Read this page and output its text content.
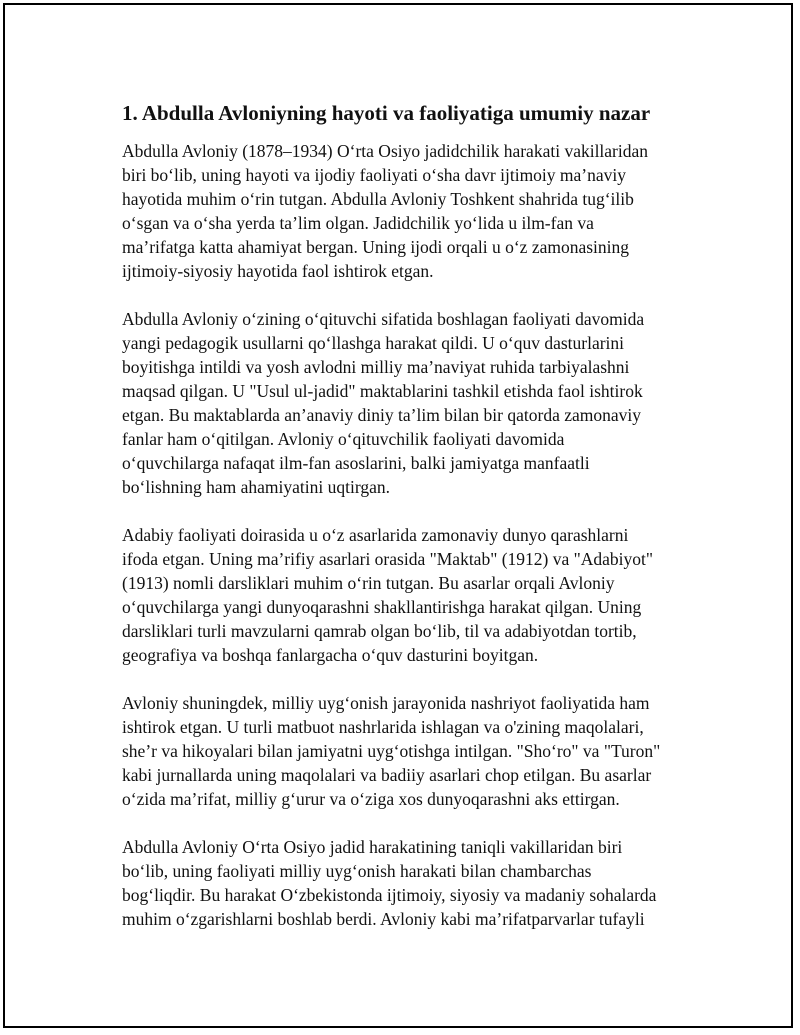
1. Abdulla Avloniyning hayoti va faoliyatiga umumiy nazar

Abdulla Avloniy (1878–1934) O‘rta Osiyo jadidchilik harakati vakillaridan
biri bo‘lib, uning hayoti va ijodiy faoliyati o‘sha davr ijtimoiy ma’naviy
hayotida muhim o‘rin tutgan. Abdulla Avloniy Toshkent shahrida tug‘ilib
o‘sgan va o‘sha yerda ta’lim olgan. Jadidchilik yo‘lida u ilm-fan va
ma’rifatga katta ahamiyat bergan. Uning ijodi orqali u o‘z zamonasining
ijtimoiy-siyosiy hayotida faol ishtirok etgan.

Abdulla Avloniy o‘zining o‘qituvchi sifatida boshlagan faoliyati davomida
yangi pedagogik usullarni qo‘llashga harakat qildi. U o‘quv dasturlarini
boyitishga intildi va yosh avlodni milliy ma’naviyat ruhida tarbiyalashni
maqsad qilgan. U "Usul ul-jadid" maktablarini tashkil etishda faol ishtirok
etgan. Bu maktablarda an’anaviy diniy ta’lim bilan bir qatorda zamonaviy
fanlar ham o‘qitilgan. Avloniy o‘qituvchilik faoliyati davomida
o‘quvchilarga nafaqat ilm-fan asoslarini, balki jamiyatga manfaatli
bo‘lishning ham ahamiyatini uqtirgan.

Adabiy faoliyati doirasida u o‘z asarlarida zamonaviy dunyo qarashlarni
ifoda etgan. Uning ma’rifiy asarlari orasida "Maktab" (1912) va "Adabiyot"
(1913) nomli darsliklari muhim o‘rin tutgan. Bu asarlar orqali Avloniy
o‘quvchilarga yangi dunyoqarashni shakllantirishga harakat qilgan. Uning
darsliklari turli mavzularni qamrab olgan bo‘lib, til va adabiyotdan tortib,
geografiya va boshqa fanlargacha o‘quv dasturini boyitgan.

Avloniy shuningdek, milliy uyg‘onish jarayonida nashriyot faoliyatida ham
ishtirok etgan. U turli matbuot nashrlarida ishlagan va o'zining maqolalari,
she’r va hikoyalari bilan jamiyatni uyg‘otishga intilgan. "Sho‘ro" va "Turon"
kabi jurnallarda uning maqolalari va badiiy asarlari chop etilgan. Bu asarlar
o‘zida ma’rifat, milliy g‘urur va o‘ziga xos dunyoqarashni aks ettirgan.

Abdulla Avloniy O‘rta Osiyo jadid harakatining taniqli vakillaridan biri
bo‘lib, uning faoliyati milliy uyg‘onish harakati bilan chambarchas
bog‘liqdir. Bu harakat O‘zbekistonda ijtimoiy, siyosiy va madaniy sohalarda
muhim o‘zgarishlarni boshlab berdi. Avloniy kabi ma’rifatparvarlar tufayli
